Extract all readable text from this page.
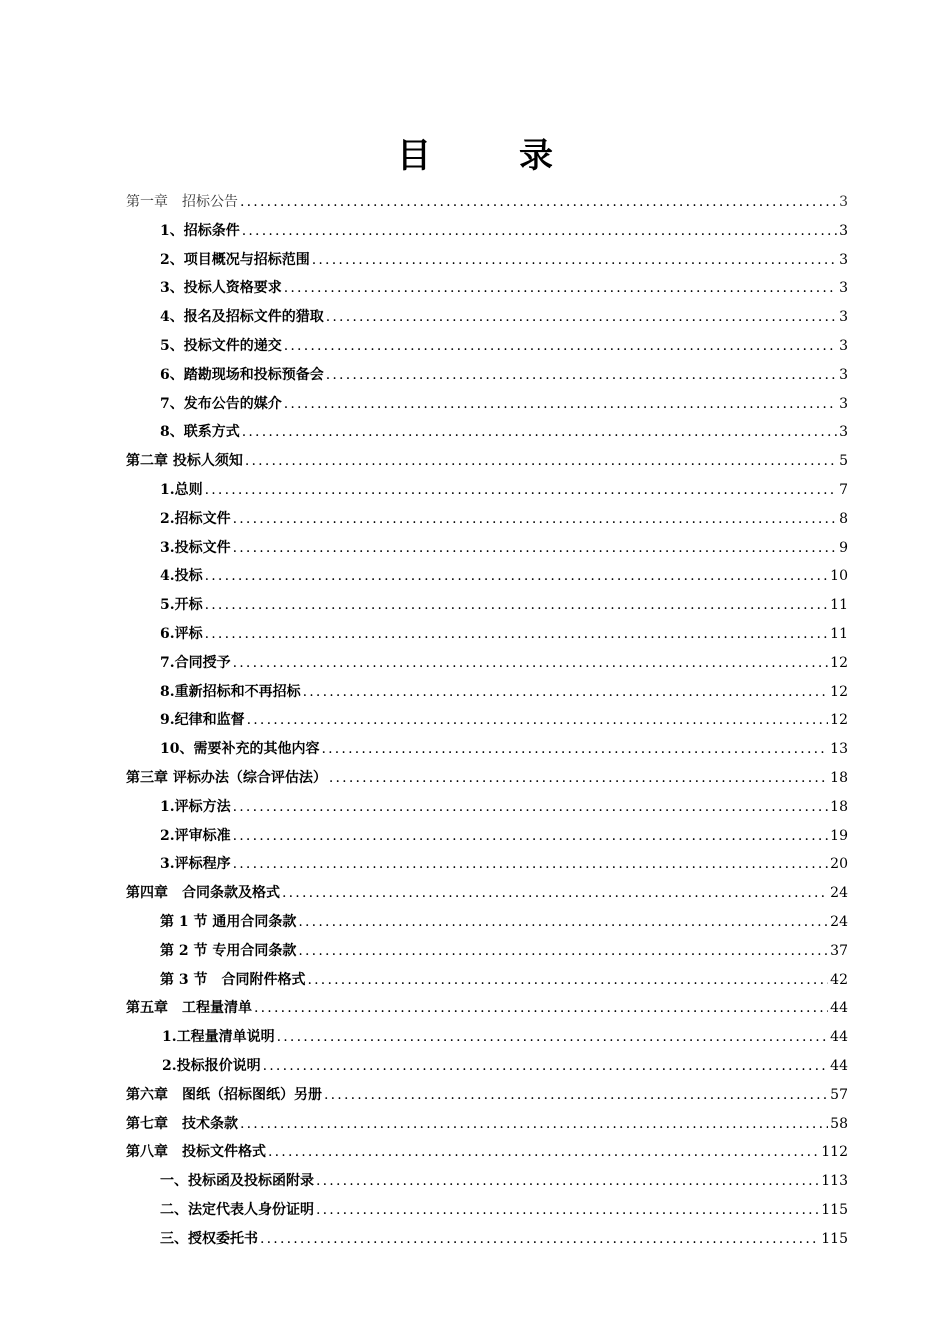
目	录
第一章　招标公告 .....	3
1、招标条件 .....	3
2、项目概况与招标范围 .....	3
3、投标人资格要求 .....	3
4、报名及招标文件的猎取 .....	3
5、投标文件的递交 .....	3
6、踏勘现场和投标预备会 .....	3
7、发布公告的媒介 .....	3
8、联系方式 .....	3
第二章 投标人须知 .....	5
1.总则 .....	7
2.招标文件 .....	8
3.投标文件 .....	9
4.投标 .....	10
5.开标 .....	11
6.评标 .....	11
7.合同授予 .....	12
8.重新招标和不再招标 .....	12
9.纪律和监督 .....	12
10、需要补充的其他内容 .....	13
第三章 评标办法（综合评估法） .....	18
1.评标方法 .....	18
2.评审标准 .....	19
3.评标程序 .....	20
第四章　合同条款及格式 .....	24
第 1 节 通用合同条款 .....	24
第 2 节 专用合同条款 .....	37
第 3 节　合同附件格式 .....	42
第五章　工程量清单 .....	44
1.工程量清单说明 .....	44
2.投标报价说明 .....	44
第六章　图纸（招标图纸）另册 .....	57
第七章　技术条款 .....	58
第八章　投标文件格式 .....	112
一、投标函及投标函附录 .....	113
二、法定代表人身份证明 .....	115
三、授权委托书 .....	115
